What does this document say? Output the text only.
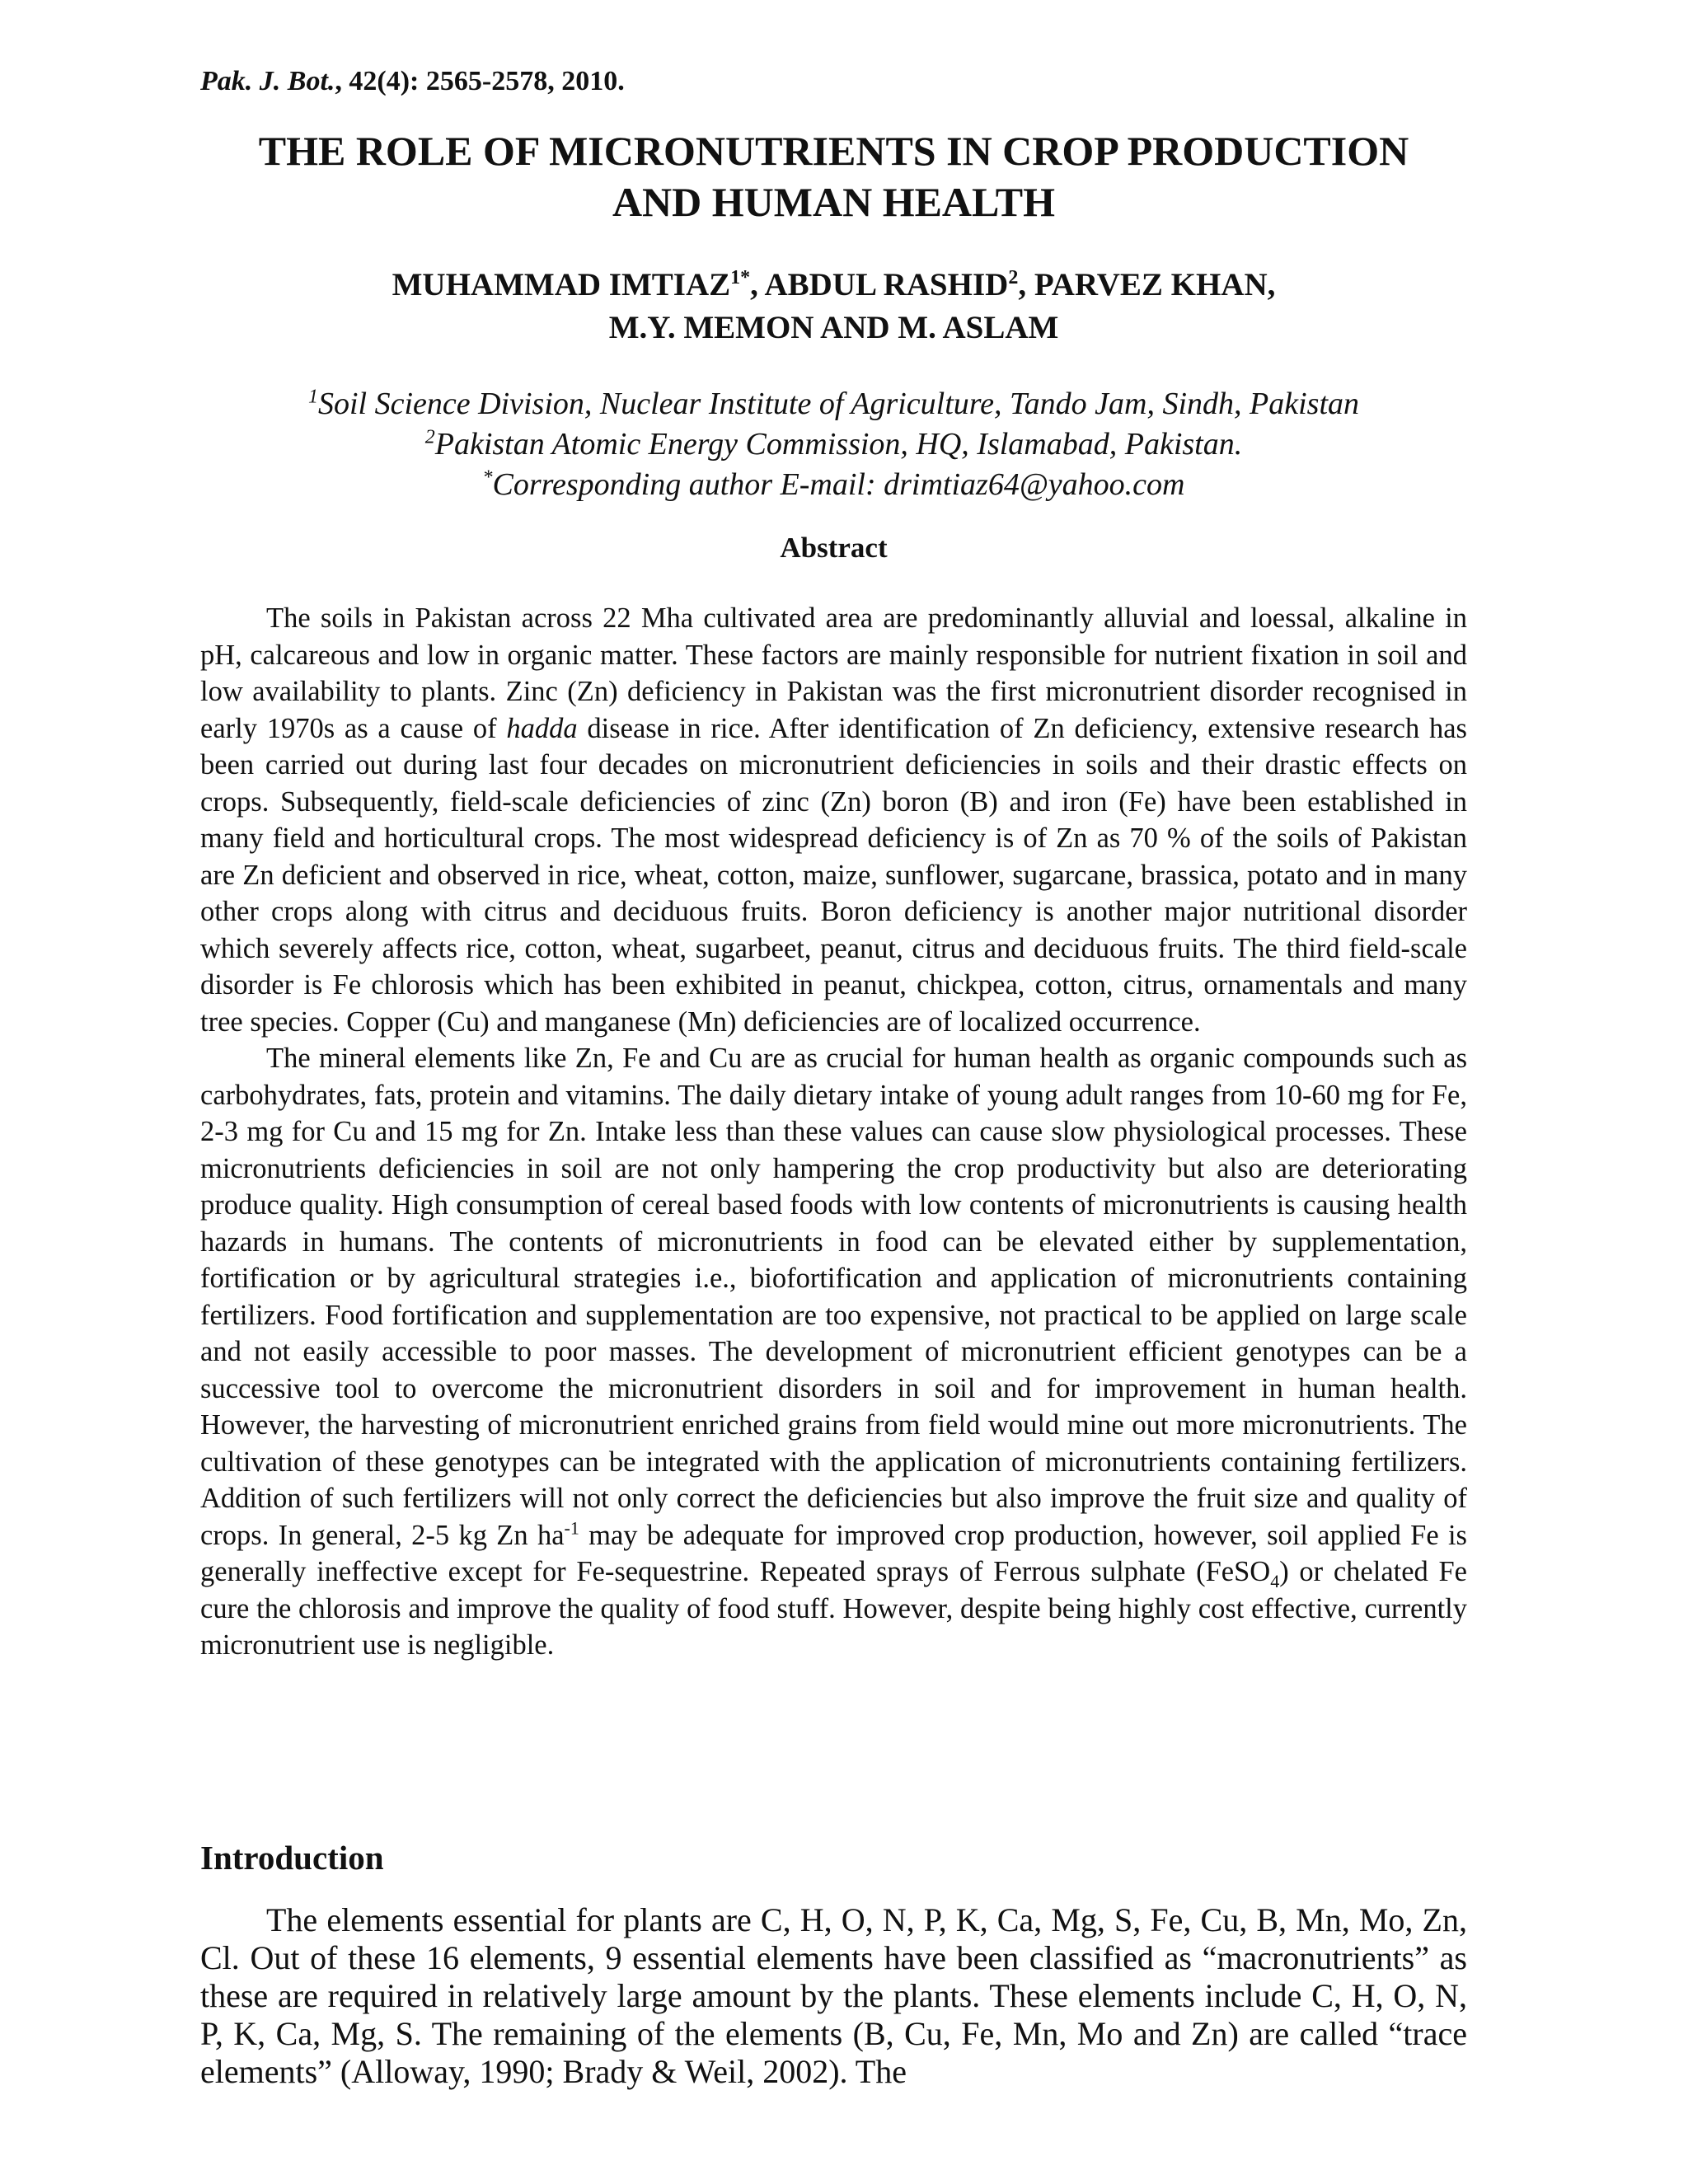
Pak. J. Bot., 42(4): 2565-2578, 2010.
THE ROLE OF MICRONUTRIENTS IN CROP PRODUCTION
AND HUMAN HEALTH
MUHAMMAD $IMTIAZ^{1*}$, ABDUL RASHID$^2$, PARVEZ KHAN,
M.Y. MEMON AND M. ASLAM
$^1$Soil Science Division, Nuclear Institute of Agriculture, Tando Jam, Sindh, Pakistan
$^2$Pakistan Atomic Energy Commission, HQ, Islamabad, Pakistan.
*Corresponding author E-mail: drimtiaz64@yahoo.com
Abstract

The soils in Pakistan across 22 Mha cultivated area are predominantly alluvial and loessal, alkaline in pH, calcareous and low in organic matter. These factors are mainly responsible for nutrient fixation in soil and low availability to plants. Zinc (Zn) deficiency in Pakistan was the first micronutrient disorder recognised in early 1970s as a cause of hadda disease in rice. After identification of Zn deficiency, extensive research has been carried out during last four decades on micronutrient deficiencies in soils and their drastic effects on crops. Subsequently, field-scale deficiencies of zinc (Zn) boron (B) and iron (Fe) have been established in many field and horticultural crops. The most widespread deficiency is of Zn as 70 % of the soils of Pakistan are Zn deficient and observed in rice, wheat, cotton, maize, sunflower, sugarcane, brassica, potato and in many other crops along with citrus and deciduous fruits. Boron deficiency is another major nutritional disorder which severely affects rice, cotton, wheat, sugarbeet, peanut, citrus and deciduous fruits. The third field-scale disorder is Fe chlorosis which has been exhibited in peanut, chickpea, cotton, citrus, ornamentals and many tree species. Copper (Cu) and manganese (Mn) deficiencies are of localized occurrence.

The mineral elements like Zn, Fe and Cu are as crucial for human health as organic compounds such as carbohydrates, fats, protein and vitamins. The daily dietary intake of young adult ranges from 10-60 mg for Fe, 2-3 mg for Cu and 15 mg for Zn. Intake less than these values can cause slow physiological processes. These micronutrients deficiencies in soil are not only hampering the crop productivity but also are deteriorating produce quality. High consumption of cereal based foods with low contents of micronutrients is causing health hazards in humans. The contents of micronutrients in food can be elevated either by supplementation, fortification or by agricultural strategies i.e., biofortification and application of micronutrients containing fertilizers. Food fortification and supplementation are too expensive, not practical to be applied on large scale and not easily accessible to poor masses. The development of micronutrient efficient genotypes can be a successive tool to overcome the micronutrient disorders in soil and for improvement in human health. However, the harvesting of micronutrient enriched grains from field would mine out more micronutrients. The cultivation of these genotypes can be integrated with the application of micronutrients containing fertilizers. Addition of such fertilizers will not only correct the deficiencies but also improve the fruit size and quality of crops. In general, 2-5 kg Zn $ha^{-1}$ may be adequate for improved crop production, however, soil applied Fe is generally ineffective except for Fe-sequestrine. Repeated sprays of Ferrous sulphate (FeSO$_4$) or chelated Fe cure the chlorosis and improve the quality of food stuff. However, despite being highly cost effective, currently micronutrient use is negligible.

Introduction

The elements essential for plants are C, H, O, N, P, K, Ca, Mg, S, Fe, Cu, B, Mn, Mo, Zn, Cl. Out of these 16 elements, 9 essential elements have been classified as “macronutrients” as these are required in relatively large amount by the plants. These elements include C, H, O, N, P, K, Ca, Mg, S. The remaining of the elements (B, Cu, Fe, Mn, Mo and Zn) are called “trace elements” (Alloway, 1990; Brady & Weil, 2002). The
